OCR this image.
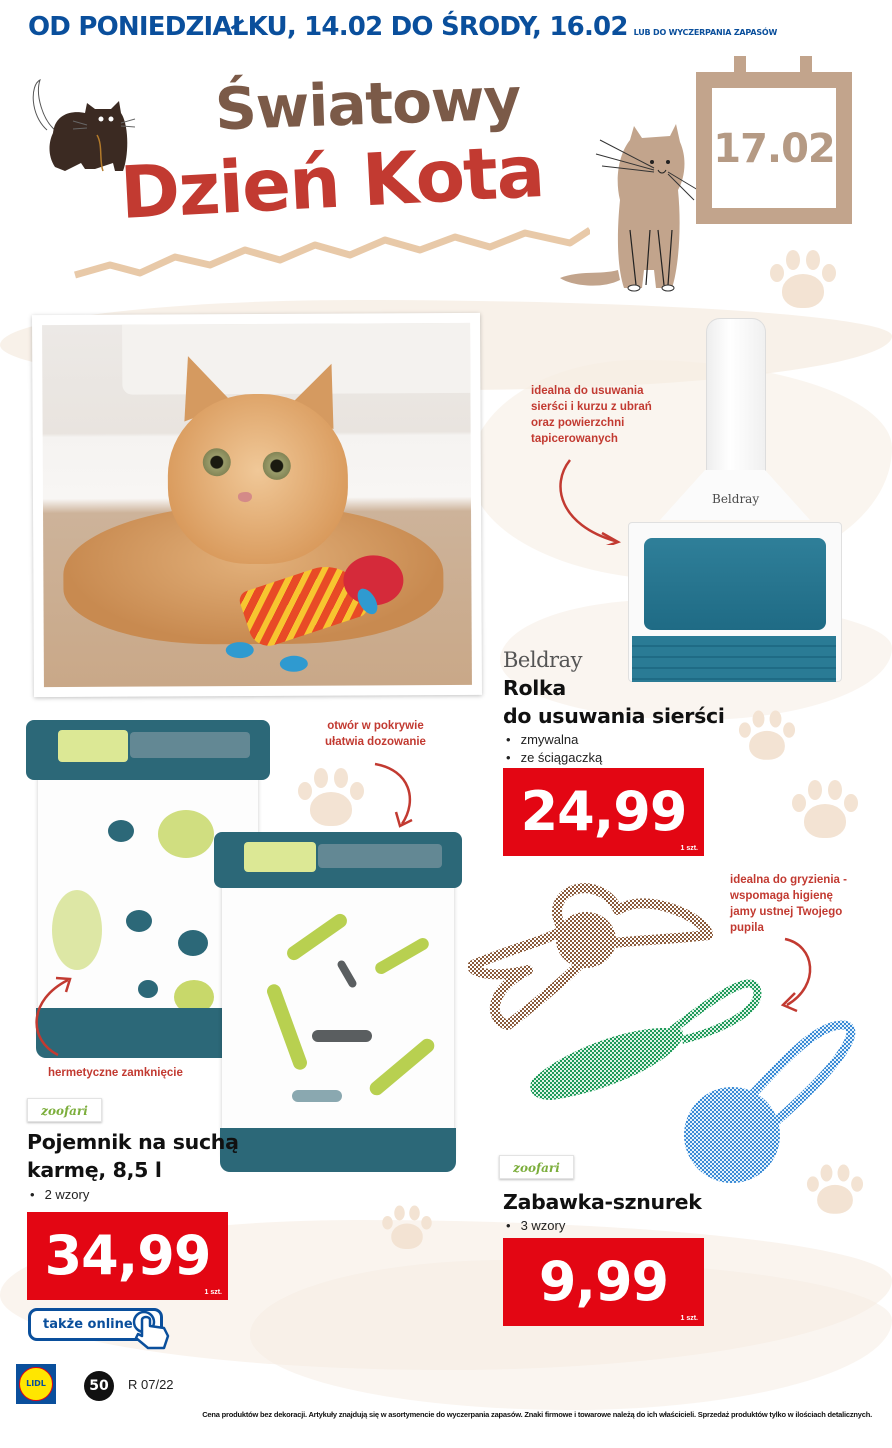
OD PONIEDZIAŁKU, 14.02 DO ŚRODY, 16.02 LUB DO WYCZERPANIA ZAPASÓW
Światowy
Dzień Kota	17.02
idealna do usuwania
sierści i kurzu z ubrań
oraz powierzchni
tapicerowanych
Beldray
Beldray
Rolka
do usuwania sierści
• zmywalna
• ze ściągaczką
24,99
1 szt.
otwór w pokrywie
ułatwia dozowanie
hermetyczne zamknięcie
zoofari
Pojemnik na suchą
karmę, 8,5 l
• 2 wzory
34,99
1 szt.
także online
idealna do gryzienia -
wspomaga higienę
jamy ustnej Twojego
pupila
zoofari
Zabawka-sznurek
• 3 wzory
9,99
1 szt.
LIDL	50	R 07/22
Cena produktów bez dekoracji. Artykuły znajdują się w asortymencie do wyczerpania zapasów. Znaki firmowe i towarowe należą do ich właścicieli. Sprzedaż produktów tylko w ilościach detalicznych.
